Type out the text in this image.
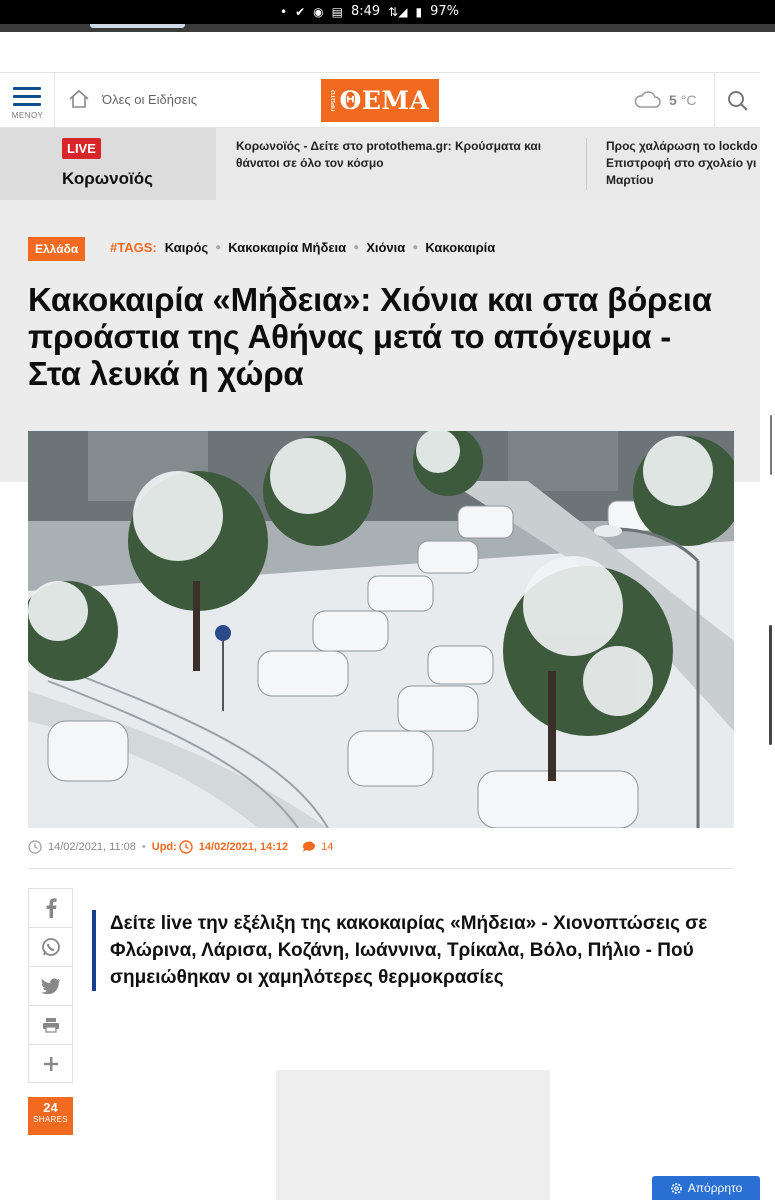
• ✔ ◉ ▤ 8:49 ⇅◢ ▮ 97%
ΜΕΝΟΥ
Όλες οι Ειδήσεις	ΠΡΩΤΟ ΘΕΜΑ	5 °C
LIVE
Κορωνοϊός
Κορωνοϊός - Δείτε στο protothema.gr: Κρούσματα και θάνατοι σε όλο τον κόσμο
Προς χαλάρωση το lockdo Επιστροφή στο σχολείο γι Μαρτίου
Ελλάδα	#TAGS: Καιρός ● Κακοκαιρία Μήδεια ● Χιόνια ● Κακοκαιρία
Κακοκαιρία «Μήδεια»: Χιόνια και στα βόρεια προάστια της Αθήνας μετά το απόγευμα - Στα λευκά η χώρα
14/02/2021, 11:08 • Upd: 14/02/2021, 14:12	14
24
SHARES

Δείτε live την εξέλιξη της κακοκαιρίας «Μήδεια» - Χιονοπτώσεις σε Φλώρινα, Λάρισα, Κοζάνη, Ιωάννινα, Τρίκαλα, Βόλο, Πήλιο - Πού σημειώθηκαν οι χαμηλότερες θερμοκρασίες

Απόρρητο
